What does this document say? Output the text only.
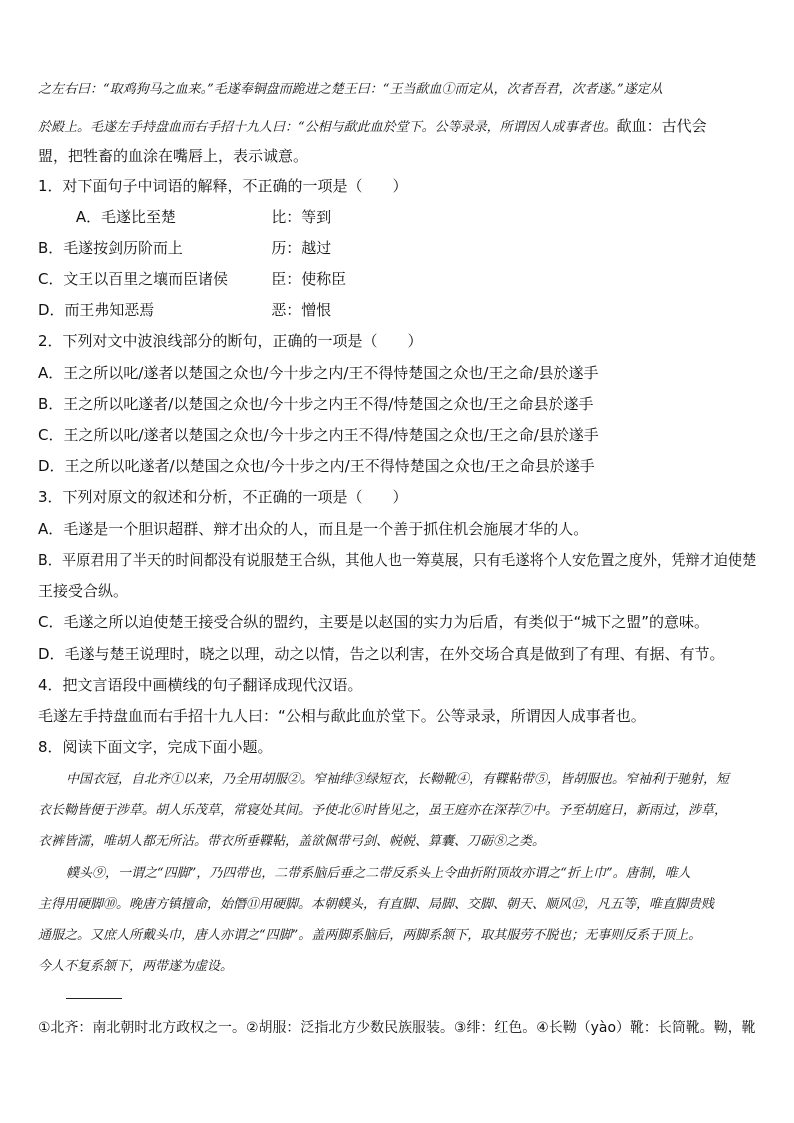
之左右曰：“取鸡狗马之血来。”毛遂奉铜盘而跪进之楚王曰：“王当歃血①而定从，次者吾君，次者遂。”遂定从
於殿上。毛遂左手持盘血而右手招十九人曰：“公相与歃此血於堂下。公等录录，所谓因人成事者也。歃血：古代会
盟，把牲畜的血涂在嘴唇上，表示诚意。
1．对下面句子中词语的解释，不正确的一项是（　　）
A．毛遂比至楚	比：等到
B．毛遂按剑历阶而上	历：越过
C．文王以百里之壤而臣诸侯	臣：使称臣
D．而王弗知恶焉	恶：憎恨
2．下列对文中波浪线部分的断句，正确的一项是（　　）
A．王之所以叱/遂者以楚国之众也/今十步之内/王不得恃楚国之众也/王之命/县於遂手
B．王之所以叱遂者/以楚国之众也/今十步之内王不得/恃楚国之众也/王之命县於遂手
C．王之所以叱/遂者以楚国之众也/今十步之内王不得/恃楚国之众也/王之命/县於遂手
D．王之所以叱遂者/以楚国之众也/今十步之内/王不得恃楚国之众也/王之命县於遂手
3．下列对原文的叙述和分析，不正确的一项是（　　）
A．毛遂是一个胆识超群、辩才出众的人，而且是一个善于抓住机会施展才华的人。
B．平原君用了半天的时间都没有说服楚王合纵，其他人也一筹莫展，只有毛遂将个人安危置之度外，凭辩才迫使楚
王接受合纵。
C．毛遂之所以迫使楚王接受合纵的盟约，主要是以赵国的实力为后盾，有类似于“城下之盟”的意味。
D．毛遂与楚王说理时，晓之以理，动之以情，告之以利害，在外交场合真是做到了有理、有据、有节。
4．把文言语段中画横线的句子翻译成现代汉语。
毛遂左手持盘血而右手招十九人曰：“公相与歃此血於堂下。公等录录，所谓因人成事者也。
8．阅读下面文字，完成下面小题。
中国衣冠，自北齐①以来，乃全用胡服②。窄袖绯③绿短衣，长靿靴④，有鞢䩞带⑤，皆胡服也。窄袖利于驰射，短
衣长靿皆便于涉草。胡人乐茂草，常寝处其间。予使北⑥时皆见之，虽王庭亦在深荐⑦中。予至胡庭日，新雨过，涉草，
衣裤皆濡，唯胡人都无所沾。带衣所垂鞢䩞，盖欲佩带弓剑、帨帨、算囊、刀砺⑧之类。
幞头⑨，一谓之“四脚”，乃四带也，二带系脑后垂之二带反系头上令曲折附顶故亦谓之“折上巾”。唐制，唯人
主得用硬脚⑩。晚唐方镇擅命，始僭⑪用硬脚。本朝幞头，有直脚、局脚、交脚、朝天、顺风⑫，凡五等，唯直脚贵贱
通服之。又庶人所戴头巾，唐人亦谓之“四脚”。盖两脚系脑后，两脚系颔下，取其服劳不脱也；无事则反系于顶上。
今人不复系颔下，两带遂为虚设。
①北齐：南北朝时北方政权之一。②胡服：泛指北方少数民族服装。③绯：红色。④长靿（yào）靴：长筒靴。靿，靴
